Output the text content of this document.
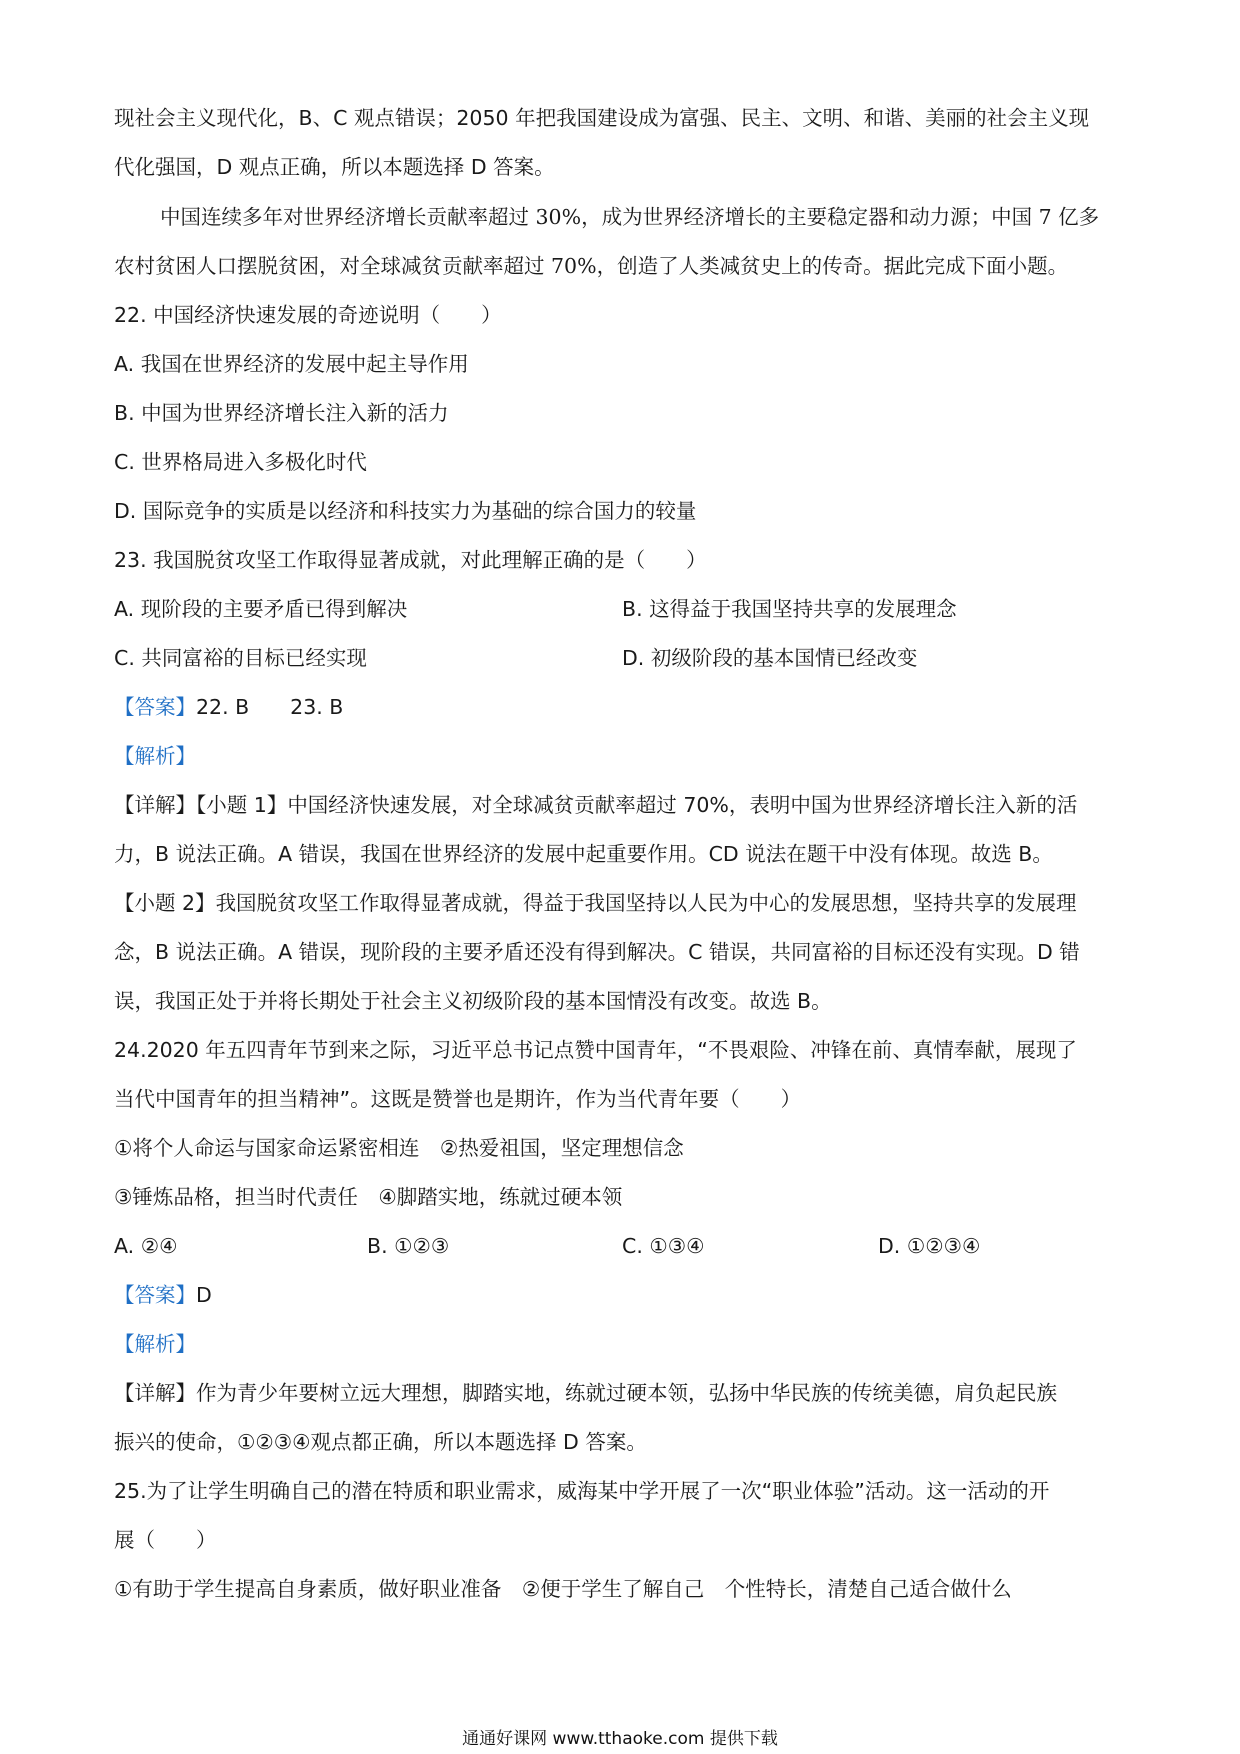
现社会主义现代化，B、C 观点错误；2050 年把我国建设成为富强、民主、文明、和谐、美丽的社会主义现
代化强国，D 观点正确，所以本题选择 D 答案。
中国连续多年对世界经济增长贡献率超过 30%，成为世界经济增长的主要稳定器和动力源；中国 7 亿多
农村贫困人口摆脱贫困，对全球减贫贡献率超过 70%，创造了人类减贫史上的传奇。据此完成下面小题。
22. 中国经济快速发展的奇迹说明（　　）
A. 我国在世界经济的发展中起主导作用
B. 中国为世界经济增长注入新的活力
C. 世界格局进入多极化时代
D. 国际竞争的实质是以经济和科技实力为基础的综合国力的较量
23. 我国脱贫攻坚工作取得显著成就，对此理解正确的是（　　）
A. 现阶段的主要矛盾已得到解决	B. 这得益于我国坚持共享的发展理念
C. 共同富裕的目标已经实现	D. 初级阶段的基本国情已经改变
【答案】22. B　　23. B
【解析】
【详解】【小题 1】中国经济快速发展，对全球减贫贡献率超过 70%，表明中国为世界经济增长注入新的活
力，B 说法正确。A 错误，我国在世界经济的发展中起重要作用。CD 说法在题干中没有体现。故选 B。
【小题 2】我国脱贫攻坚工作取得显著成就，得益于我国坚持以人民为中心的发展思想，坚持共享的发展理
念，B 说法正确。A 错误，现阶段的主要矛盾还没有得到解决。C 错误，共同富裕的目标还没有实现。D 错
误，我国正处于并将长期处于社会主义初级阶段的基本国情没有改变。故选 B。
24.2020 年五四青年节到来之际，习近平总书记点赞中国青年，“不畏艰险、冲锋在前、真情奉献，展现了
当代中国青年的担当精神”。这既是赞誉也是期许，作为当代青年要（　　）
①将个人命运与国家命运紧密相连　②热爱祖国，坚定理想信念
③锤炼品格，担当时代责任　④脚踏实地，练就过硬本领
A. ②④	B. ①②③	C. ①③④	D. ①②③④
【答案】D
【解析】
【详解】作为青少年要树立远大理想，脚踏实地，练就过硬本领，弘扬中华民族的传统美德，肩负起民族
振兴的使命，①②③④观点都正确，所以本题选择 D 答案。
25.为了让学生明确自己的潜在特质和职业需求，威海某中学开展了一次“职业体验”活动。这一活动的开
展（　　）
①有助于学生提高自身素质，做好职业准备　②便于学生了解自己　个性特长，清楚自己适合做什么
通通好课网 www.tthaoke.com 提供下载
